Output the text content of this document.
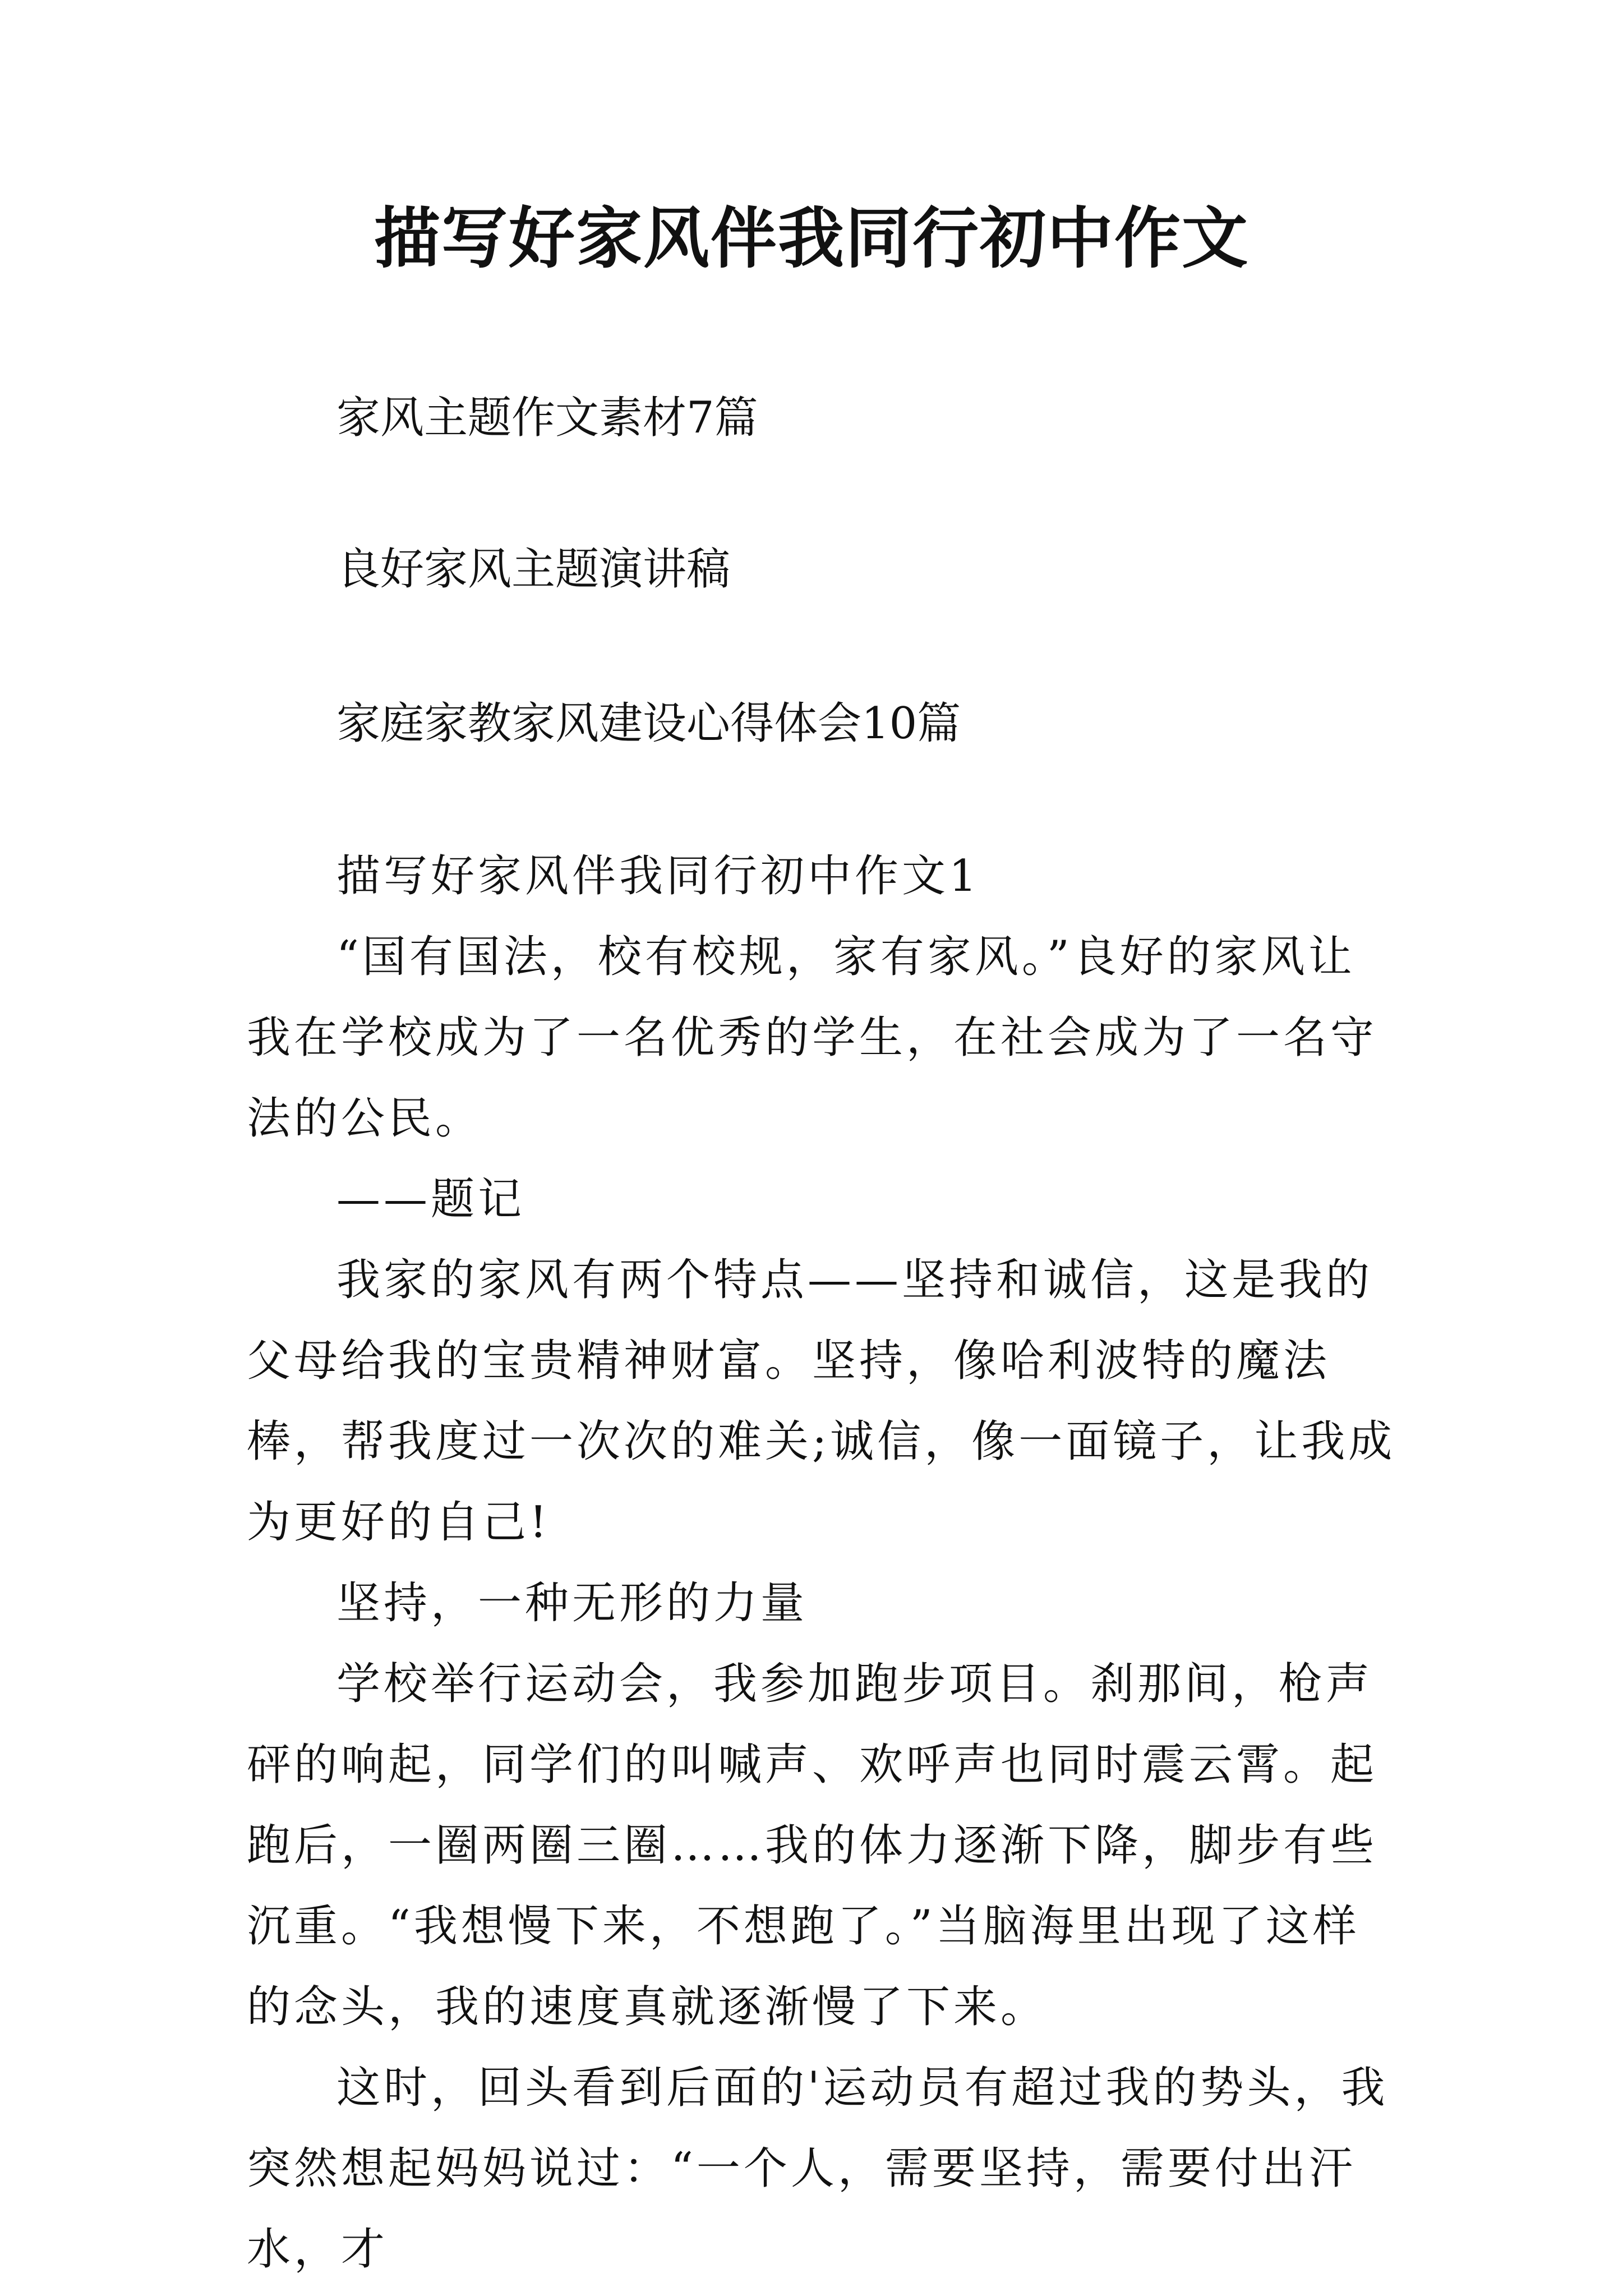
描写好家风伴我同行初中作文
家风主题作文素材7篇
良好家风主题演讲稿
家庭家教家风建设心得体会10篇

描写好家风伴我同行初中作文1

“国有国法，校有校规，家有家风。”良好的家风让我在学校成为了一名优秀的学生，在社会成为了一名守法的公民。

——题记

我家的家风有两个特点——坚持和诚信，这是我的父母给我的宝贵精神财富。坚持，像哈利波特的魔法棒，帮我度过一次次的难关;诚信，像一面镜子，让我成为更好的自己!

坚持，一种无形的力量

学校举行运动会，我参加跑步项目。刹那间，枪声砰的响起，同学们的叫喊声、欢呼声也同时震云霄。起跑后，一圈两圈三圈……我的体力逐渐下降，脚步有些沉重。“我想慢下来，不想跑了。”当脑海里出现了这样的念头，我的速度真就逐渐慢了下来。

这时，回头看到后面的'运动员有超过我的势头，我突然想起妈妈说过：“一个人，需要坚持，需要付出汗水，才
